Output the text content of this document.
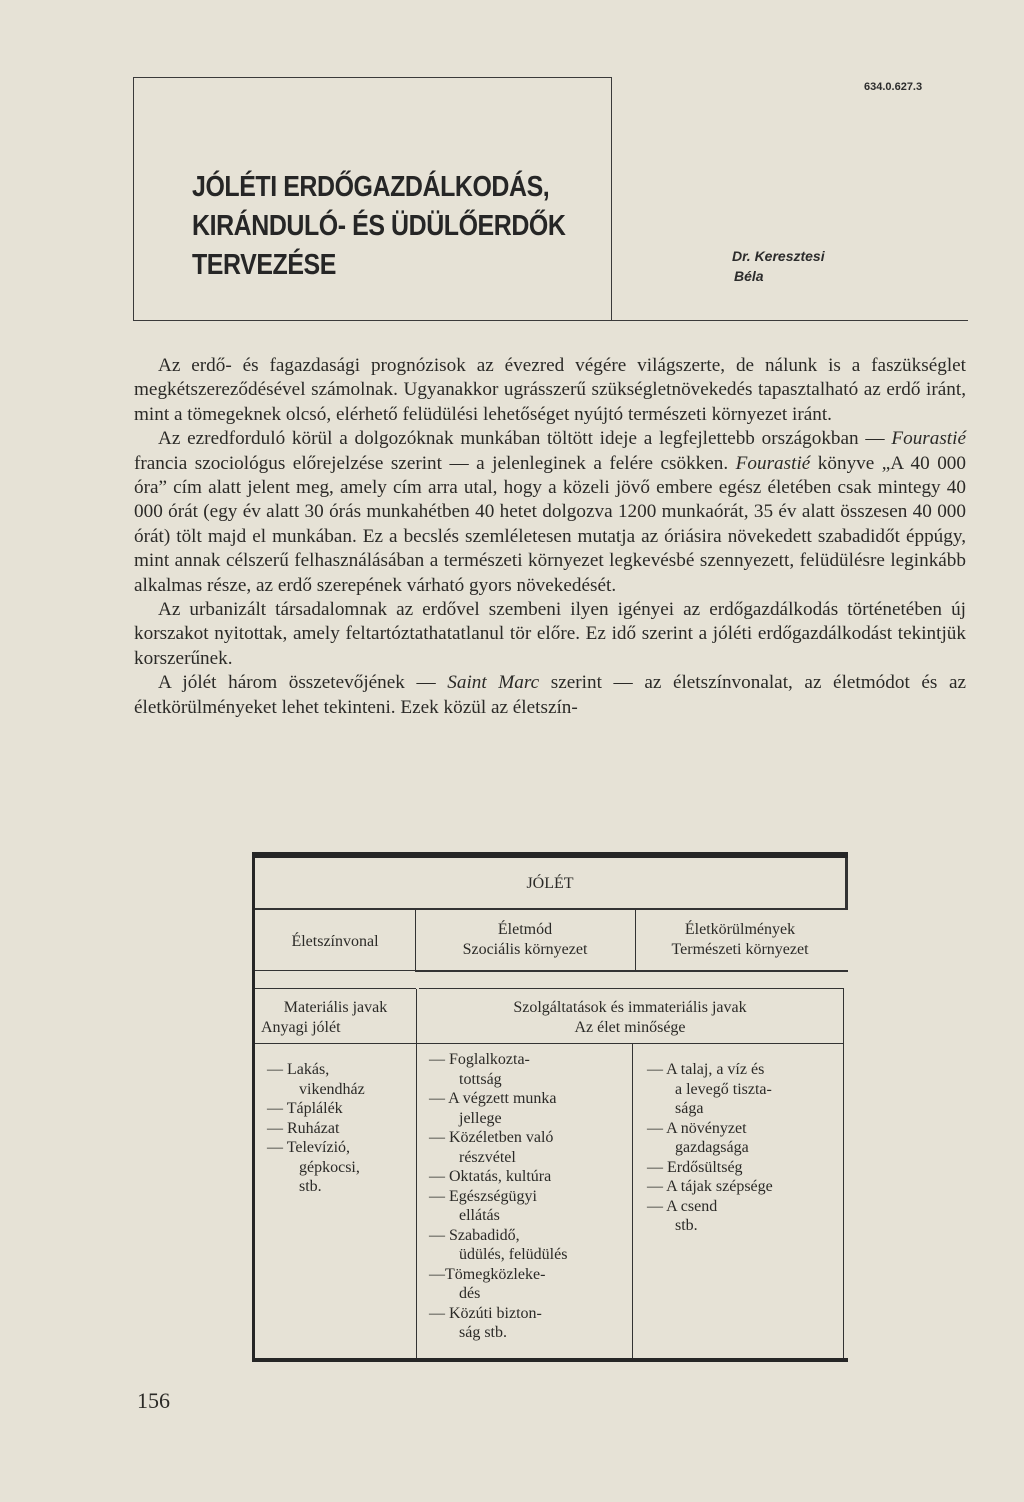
634.0.627.3
JÓLÉTI ERDŐGAZDÁLKODÁS,
KIRÁNDULÓ- ÉS ÜDÜLŐERDŐK
TERVEZÉSE	Dr. Keresztesi
Béla

Az erdő- és fagazdasági prognózisok az évezred végére világszerte, de nálunk is a faszükséglet megkétszereződésével számolnak. Ugyanakkor ugrásszerű szükségletnövekedés tapasztalható az erdő iránt, mint a tömegeknek olcsó, elérhető felüdülési lehetőséget nyújtó természeti környezet iránt.

Az ezredforduló körül a dolgozóknak munkában töltött ideje a legfejlettebb országokban — Fourastié francia szociológus előrejelzése szerint — a jelenleginek a felére csökken. Fourastié könyve „A 40 000 óra” cím alatt jelent meg, amely cím arra utal, hogy a közeli jövő embere egész életében csak mintegy 40 000 órát (egy év alatt 30 órás munkahétben 40 hetet dolgozva 1200 munkaórát, 35 év alatt összesen 40 000 órát) tölt majd el munkában. Ez a becslés szemléletesen mutatja az óriásira növekedett szabadidőt éppúgy, mint annak célszerű felhasználásában a természeti környezet legkevésbé szennyezett, felüdülésre leginkább alkalmas része, az erdő szerepének várható gyors növekedését.

Az urbanizált társadalomnak az erdővel szembeni ilyen igényei az erdőgazdálkodás történetében új korszakot nyitottak, amely feltartóztathatatlanul tör előre. Ez idő szerint a jóléti erdőgazdálkodást tekintjük korszerűnek.

A jólét három összetevőjének — Saint Marc szerint — az életszínvonalat, az életmódot és az életkörülményeket lehet tekinteni. Ezek közül az életszín-

JÓLÉT
Életszínvonal
Életmód
Szociális környezet
Életkörülmények
Természeti környezet
Materiális javak
Anyagi jólét
Szolgáltatások és immateriális javak
Az élet minősége
— Lakás,
vikendház
— Táplálék
— Ruházat
— Televízió,
gépkocsi,
stb.
— Foglalkozta-
tottság
— A végzett munka
jellege
— Közéletben való
részvétel
— Oktatás, kultúra
— Egészségügyi
ellátás
— Szabadidő,
üdülés, felüdülés
—Tömegközleke-
dés
— Közúti bizton-
ság stb.
— A talaj, a víz és
a levegő tiszta-
sága
— A növényzet
gazdagsága
— Erdősültség
— A tájak szépsége
— A csend
stb.
156
